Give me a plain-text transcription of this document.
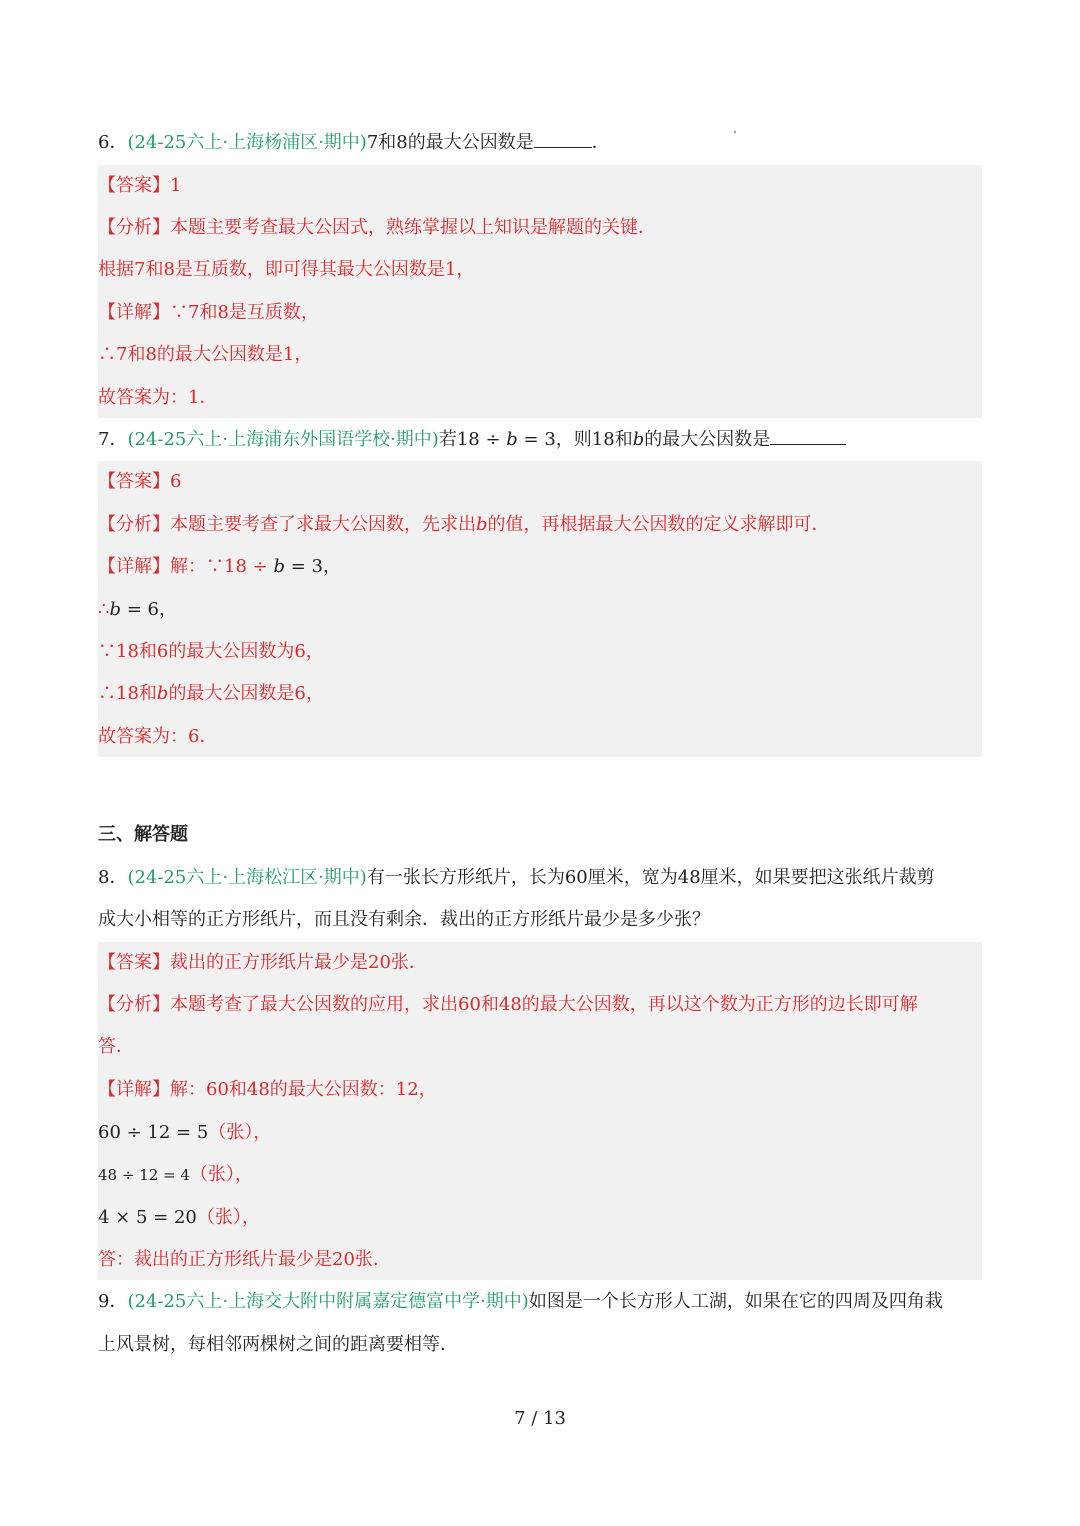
6．(24-25六上·上海杨浦区·期中)7和8的最大公因数是	．
【答案】1
【分析】本题主要考查最大公因式，熟练掌握以上知识是解题的关键．
根据7和8是互质数，即可得其最大公因数是1，
【详解】∵7和8是互质数，
∴7和8的最大公因数是1，
故答案为：1．
7．(24-25六上·上海浦东外国语学校·期中)若18 ÷ b = 3，则18和b的最大公因数是
【答案】6
【分析】本题主要考查了求最大公因数，先求出b的值，再根据最大公因数的定义求解即可．
【详解】解：∵18 ÷ b = 3，
∴b = 6，
∵18和6的最大公因数为6，
∴18和b的最大公因数是6，
故答案为：6．
三、解答题
8．(24-25六上·上海松江区·期中)有一张长方形纸片，长为60厘米，宽为48厘米，如果要把这张纸片裁剪
成大小相等的正方形纸片，而且没有剩余．裁出的正方形纸片最少是多少张？
【答案】裁出的正方形纸片最少是20张．
【分析】本题考查了最大公因数的应用，求出60和48的最大公因数，再以这个数为正方形的边长即可解
答．
【详解】解：60和48的最大公因数：12，
60 ÷ 12 = 5（张），
48 ÷ 12 = 4（张），
4 × 5 = 20（张），
答：裁出的正方形纸片最少是20张．
9．(24-25六上·上海交大附中附属嘉定德富中学·期中)如图是一个长方形人工湖，如果在它的四周及四角栽
上风景树，每相邻两棵树之间的距离要相等．
7 / 13
